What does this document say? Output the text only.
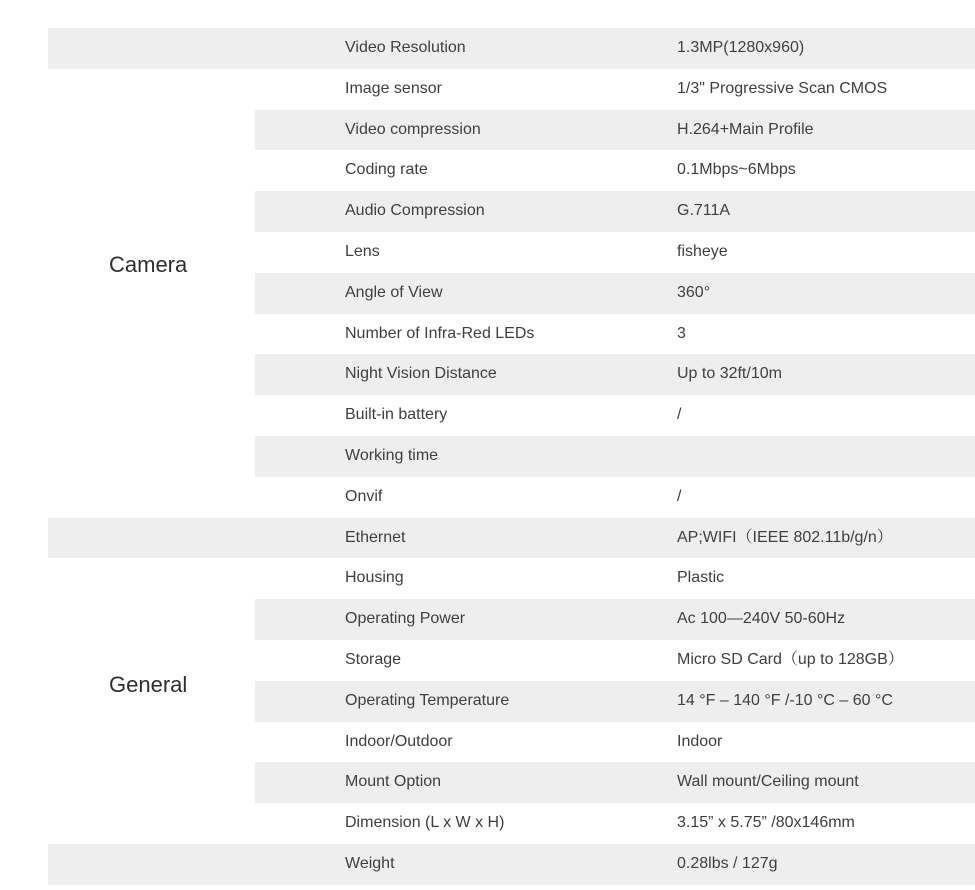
Camera
Video Resolution	1.3MP(1280x960)
Image sensor	1/3" Progressive Scan CMOS
Video compression	H.264+Main Profile
Coding rate	0.1Mbps~6Mbps
Audio Compression	G.711A
Lens	fisheye
Angle of View	360°
Number of Infra-Red LEDs	3
Night Vision Distance	Up to 32ft/10m
Built-in battery	/
Working time
Onvif	/
General
Ethernet	AP;WIFI（IEEE 802.11b/g/n）
Housing	Plastic
Operating Power	Ac 100—240V 50-60Hz
Storage	Micro SD Card（up to 128GB）
Operating Temperature	14 °F – 140 °F /-10 °C – 60 °C
Indoor/Outdoor	Indoor
Mount Option	Wall mount/Ceiling mount
Dimension (L x W x H)	3.15” x 5.75” /80x146mm
Weight	0.28lbs / 127g
